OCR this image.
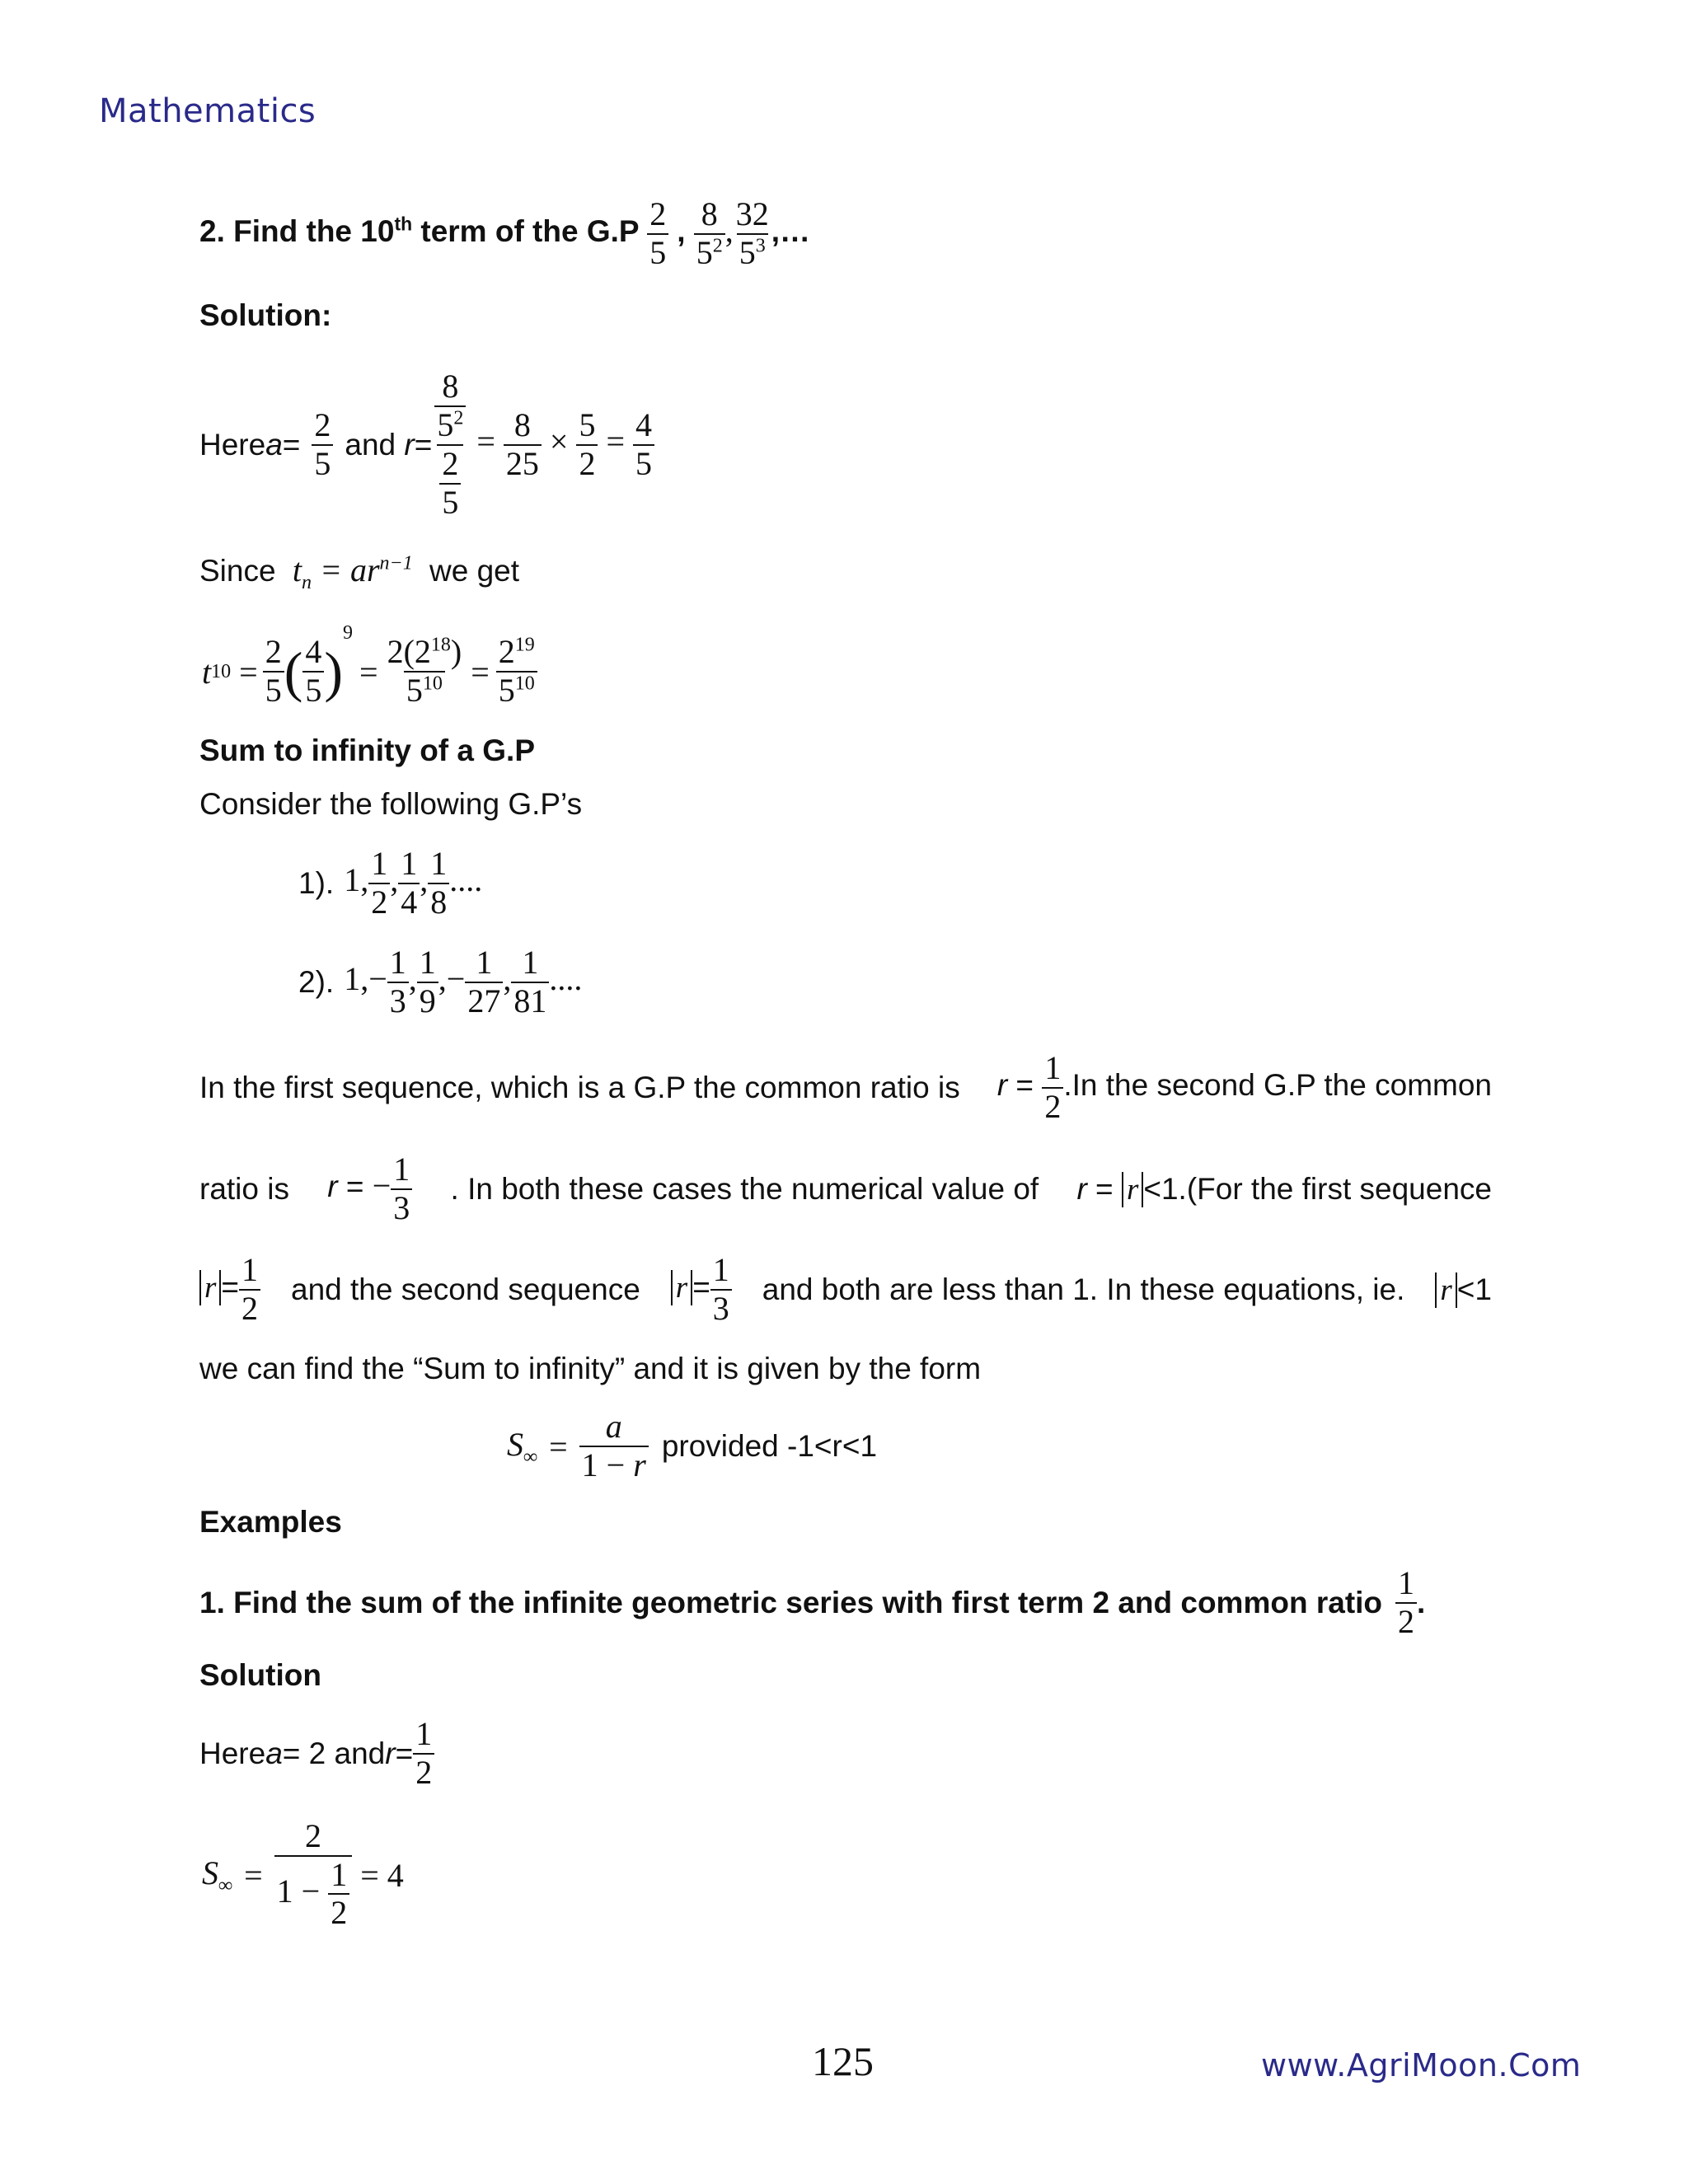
Mathematics
2. Find the 10th term of the $G.P \frac{2}{5}$ , $\frac{8}{5^2}$ , $\frac{32}{5^3}$ ,…
Solution:
Here $a = \frac{2}{5}$ and
$r = \frac{\frac{8}{5^2}}{\frac{2}{5}} = \frac{8}{25} \times \frac{5}{2} = \frac{4}{5}$
Since $t_n = ar^{n-1}$ we get
t $10 = \frac{2}{5}$ ( $\frac{4}{5}$ )
9
= $\frac{2(2^{18})}{5^{10}} = \frac{2^{19}}{5^{10}}$
Sum to infinity of a G.P
Consider the following G.P’s
1). 1, $\frac{1}{2}$ , $\frac{1}{4}$ , $\frac{1}{8}$ ....
2). $1,- \frac{1}{3}$ , $\frac{1}{9}$ ,− $\frac{1}{27}$ , $\frac{1}{81}$ ....
In the first sequence, which is a G.P the common ratio is $r = \frac{1}{2} .In$ the second G.P the common
ratio is r = − $\frac{1}{3}$ . In both these cases the numerical value of r = r <1.(For the first sequence
$r = \frac{1}{2}$ and the second sequence $r = \frac{1}{3}$ and both are less than 1. In these equations, ie. r <1
we can find the “Sum to infinity” and it is given by the form
$S_\infty = \frac{a}{1 - r}$ provided -1<r<1
Examples
1. Find the sum of the infinite geometric series with first term 2 and common ratio $\frac{1}{2}$ .
Solution
Here a = 2 and $r = \frac{1}{2}$
$S_\infty = \frac{2}{1 - \frac{1}{2}} = 4$
125	www.AgriMoon.Com
